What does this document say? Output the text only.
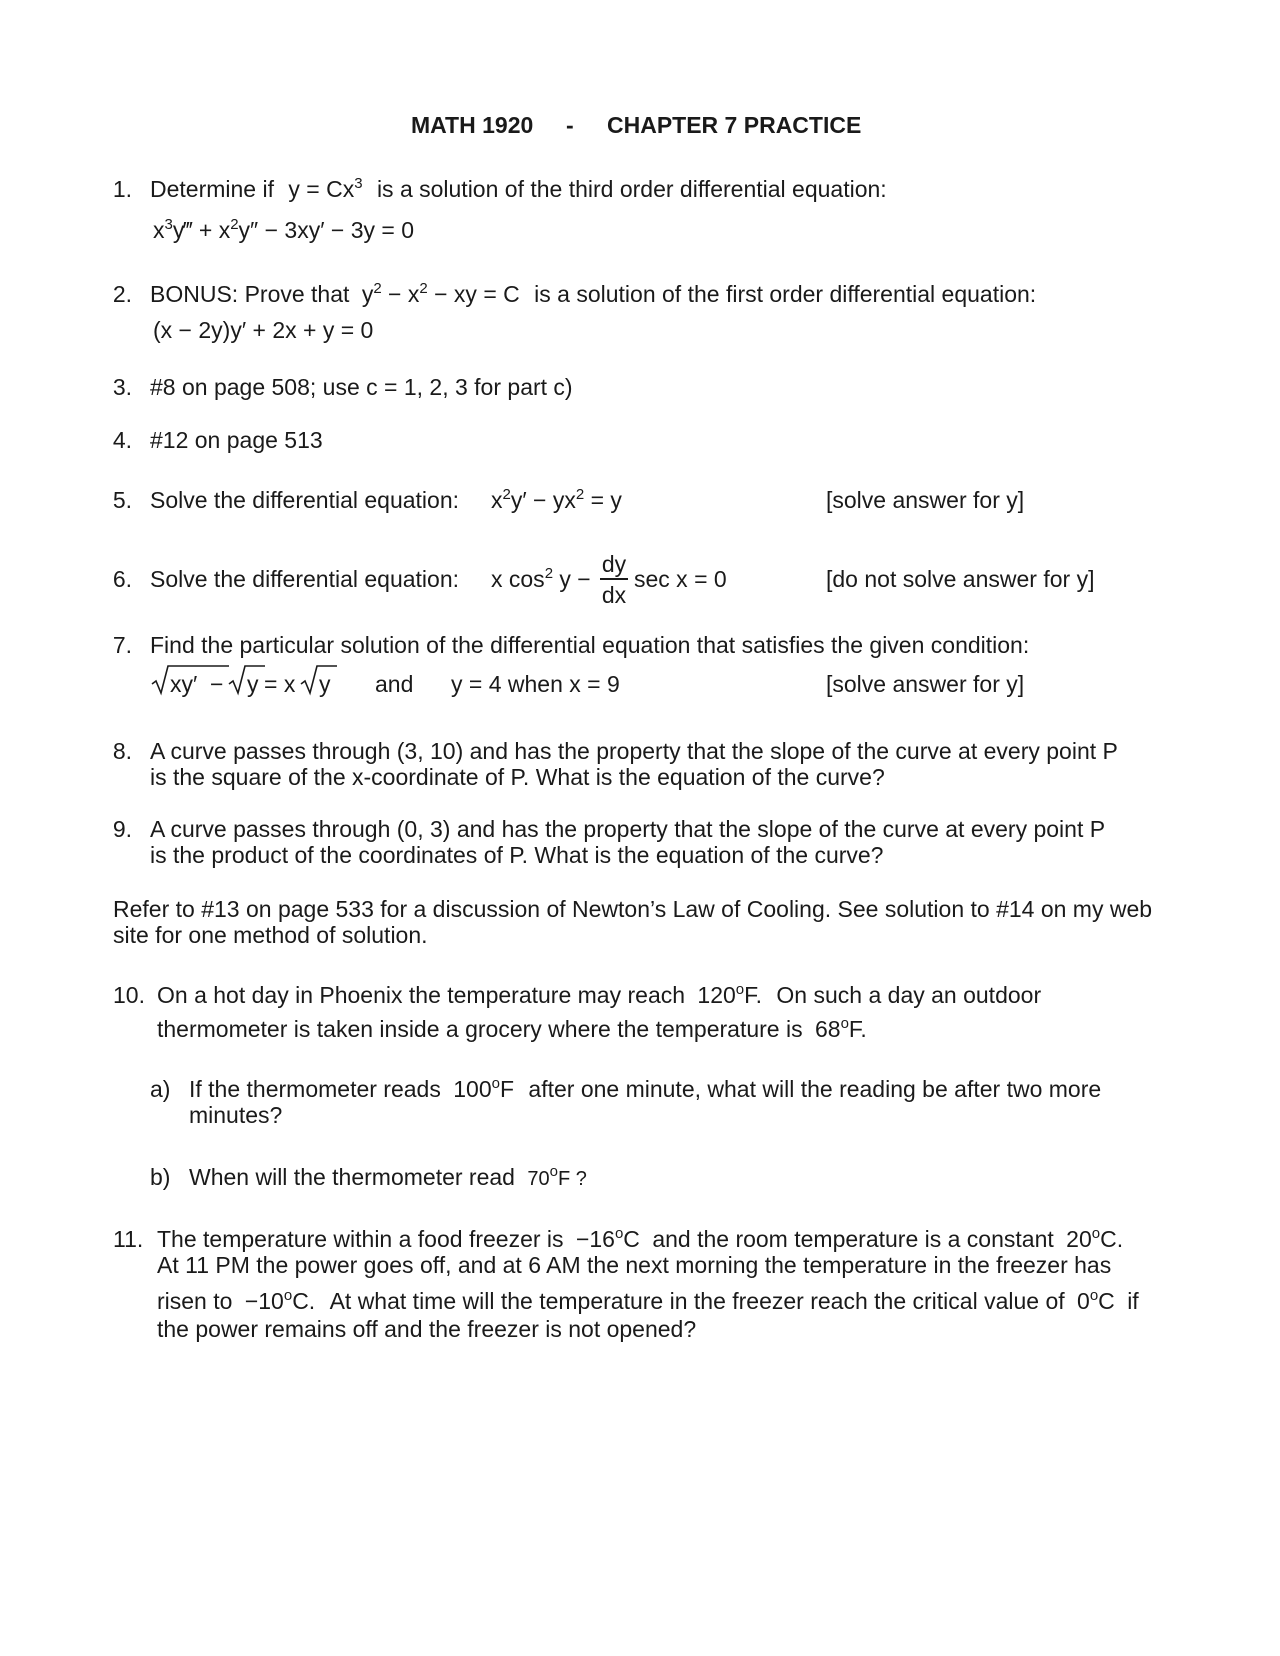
MATH 1920 - CHAPTER 7 PRACTICE
1. Determine if $y = Cx^3$ is a solution of the third order differential equation:
$x^3y‴ + x^2y'' - 3xy' - 3y = 0$
2. BONUS: Prove that $y^2 - x^2$ − xy = C is a solution of the first order differential equation:
(x − 2y)y′ + 2x + y = 0
3. #8 on page 508; use c = 1, 2, 3 for part c)
4. #12 on page 513
5. Solve the differential equation: $x^2y' - yx^2 = y$	[solve answer for y]
6. Solve the differential equation: x $\cos^2 y$ −
dy
dx
sec x = 0	[do not solve answer for y]
7. Find the particular solution of the differential equation that satisfies the given condition:
xy′ − y = x y and y = 4 when x = 9	[solve answer for y]
8. A curve passes through (3, 10) and has the property that the slope of the curve at every point P
is the square of the x-coordinate of P. What is the equation of the curve?
9. A curve passes through (0, 3) and has the property that the slope of the curve at every point P
is the product of the coordinates of P. What is the equation of the curve?
Refer to #13 on page 533 for a discussion of Newton’s Law of Cooling. See solution to #14 on my web
site for one method of solution.
10. On a hot day in Phoenix the temperature may reach 120$^o$F. On such a day an outdoor
thermometer is taken inside a grocery where the temperature is 68$^o$F.
a) If the thermometer reads 100$^o$F after one minute, what will the reading be after two more
minutes?
b) When will the thermometer read 70$^o$F ?
11. The temperature within a food freezer is $-16^oC$ and the room temperature is a constant 20$^o$C.
At 11 PM the power goes off, and at 6 AM the next morning the temperature in the freezer has
risen to $-10^oC$. At what time will the temperature in the freezer reach the critical value of 0$^o$C if
the power remains off and the freezer is not opened?
